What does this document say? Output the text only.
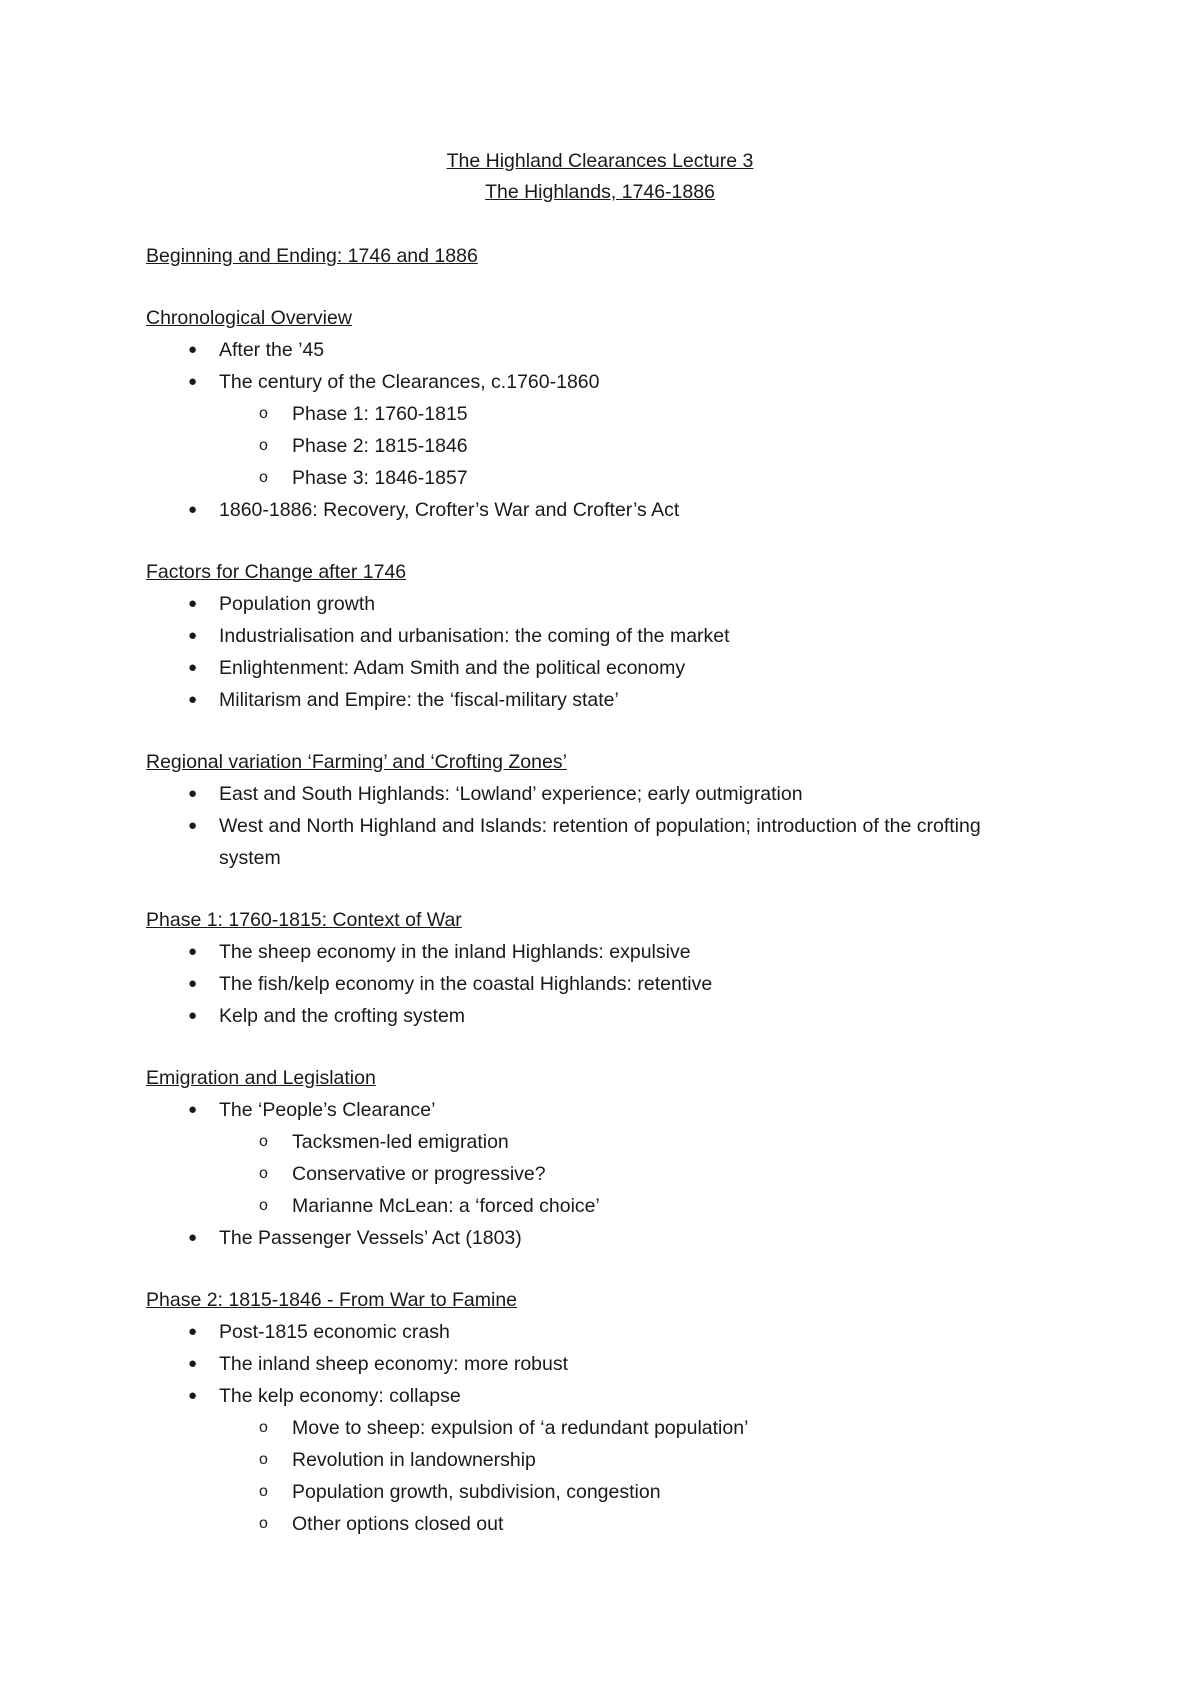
The Highland Clearances Lecture 3
The Highlands, 1746-1886
Beginning and Ending: 1746 and 1886
Chronological Overview
● After the ’45
● The century of the Clearances, c.1760-1860
o Phase 1: 1760-1815
o Phase 2: 1815-1846
o Phase 3: 1846-1857
● 1860-1886: Recovery, Crofter’s War and Crofter’s Act
Factors for Change after 1746
● Population growth
● Industrialisation and urbanisation: the coming of the market
● Enlightenment: Adam Smith and the political economy
● Militarism and Empire: the ‘fiscal-military state’
Regional variation ‘Farming’ and ‘Crofting Zones’
● East and South Highlands: ‘Lowland’ experience; early outmigration
● West and North Highland and Islands: retention of population; introduction of the crofting system
Phase 1: 1760-1815: Context of War
● The sheep economy in the inland Highlands: expulsive
● The fish/kelp economy in the coastal Highlands: retentive
● Kelp and the crofting system
Emigration and Legislation
● The ‘People’s Clearance’
o Tacksmen-led emigration
o Conservative or progressive?
o Marianne McLean: a ‘forced choice’
● The Passenger Vessels’ Act (1803)
Phase 2: 1815-1846 - From War to Famine
● Post-1815 economic crash
● The inland sheep economy: more robust
● The kelp economy: collapse
o Move to sheep: expulsion of ‘a redundant population’
o Revolution in landownership
o Population growth, subdivision, congestion
o Other options closed out
